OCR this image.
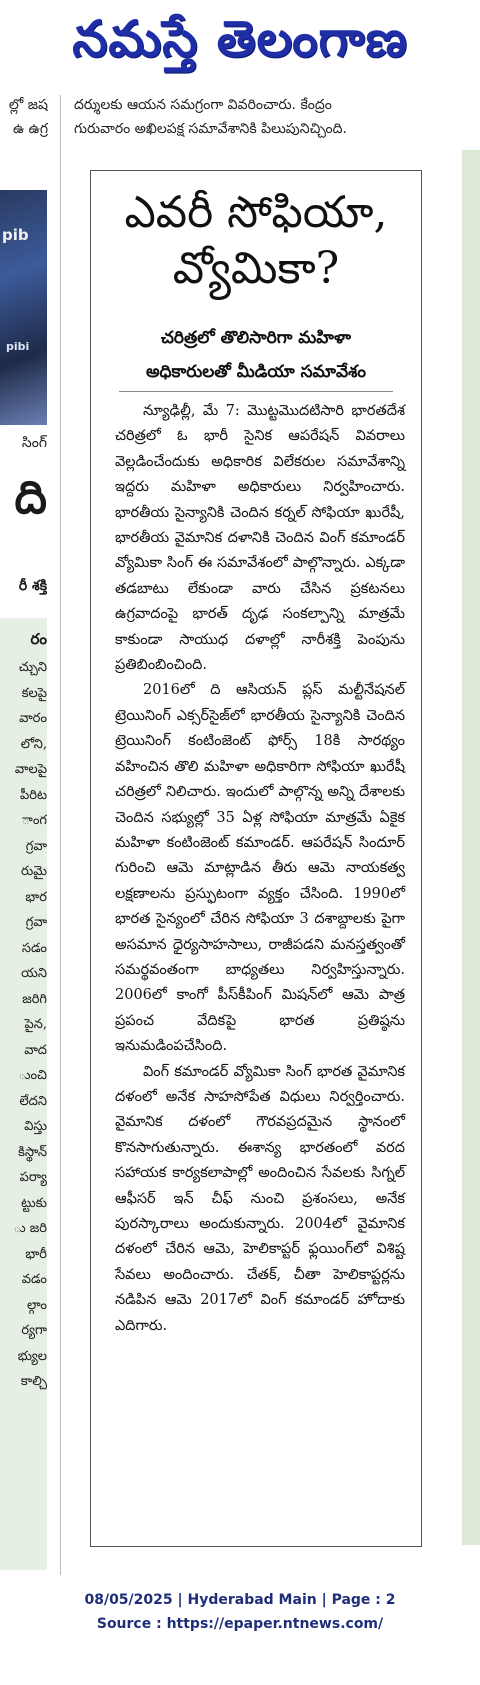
నమస్తే తెలంగాణ
ల్లో జష
ఉ ఉగ్ర
దర్శులకు ఆయన సమగ్రంగా వివరించారు. కేంద్రం
గురువారం అఖిలపక్ష సమావేశానికి పిలుపునిచ్చింది.
pib
pibi
సింగ్
ది
రీ శక్తి
రం
చ్చుని
కలపై
వారం
లోని,
వాలపై
పీరిట
ాంగ
గ్రవా
రుమై
భార
గ్రవా
సడం
యని
జరిగి
పైన,
వాద
ుంచి
లేదని
విస్తు
కిస్థాన్
పర్యా
ట్టుకు
ు జరి
భారీ
వడం
ల్గాం
ర్యగా
భ్యుల
కాల్చి
ఎవరీ సోఫియా,
వ్యోమికా?
చరిత్రలో తొలిసారిగా మహిళా
అధికారులతో మీడియా సమావేశం

న్యూఢిల్లీ, మే 7: మొట్టమొదటిసారి భారతదేశ చరిత్రలో ఓ భారీ సైనిక ఆపరేషన్ వివరాలు వెల్లడించేందుకు అధికారిక విలేకరుల సమావేశాన్ని ఇద్దరు మహిళా అధికారులు నిర్వహించారు. భారతీయ సైన్యానికి చెందిన కర్నల్ సోఫియా ఖురేషీ, భారతీయ వైమానిక దళానికి చెందిన వింగ్ కమాండర్ వ్యోమికా సింగ్ ఈ సమావేశంలో పాల్గొన్నారు. ఎక్కడా తడబాటు లేకుండా వారు చేసిన ప్రకటనలు ఉగ్రవాదంపై భారత్ దృఢ సంకల్పాన్ని మాత్రమే కాకుండా సాయుధ దళాల్లో నారీశక్తి పెంపును ప్రతిబింబించింది.

2016లో ది ఆసియన్ ప్లస్ మల్టీనేషనల్ ట్రెయినింగ్ ఎక్సర్‌సైజ్‌లో భారతీయ సైన్యానికి చెందిన ట్రెయినింగ్ కంటింజెంట్ ఫోర్స్ 18కి సారథ్యం వహించిన తొలి మహిళా అధికారిగా సోఫియా ఖురేషీ చరిత్రలో నిలిచారు. ఇందులో పాల్గొన్న అన్ని దేశాలకు చెందిన సభ్యుల్లో 35 ఏళ్ల సోఫియా మాత్రమే ఏకైక మహిళా కంటింజెంట్ కమాండర్. ఆపరేషన్ సిందూర్ గురించి ఆమె మాట్లాడిన తీరు ఆమె నాయకత్వ లక్షణాలను ప్రస్ఫుటంగా వ్యక్తం చేసింది. 1990లో భారత సైన్యంలో చేరిన సోఫియా 3 దశాబ్దాలకు పైగా అసమాన ధైర్యసాహసాలు, రాజీపడని మనస్తత్వంతో సమర్థవంతంగా బాధ్యతలు నిర్వహిస్తున్నారు. 2006లో కాంగో పీస్‌కీపింగ్ మిషన్‌లో ఆమె పాత్ర ప్రపంచ వేదికపై భారత ప్రతిష్ఠను ఇనుమడింపచేసింది.

వింగ్ కమాండర్ వ్యోమికా సింగ్ భారత వైమానిక దళంలో అనేక సాహసోపేత విధులు నిర్వర్తించారు. వైమానిక దళంలో గౌరవప్రదమైన స్థానంలో కొనసాగుతున్నారు. ఈశాన్య భారతంలో వరద సహాయక కార్యకలాపాల్లో అందించిన సేవలకు సిగ్నల్ ఆఫీసర్ ఇన్ చీఫ్ నుంచి ప్రశంసలు, అనేక పురస్కారాలు అందుకున్నారు. 2004లో వైమానిక దళంలో చేరిన ఆమె, హెలికాప్టర్ ఫ్లయింగ్‌లో విశిష్ట సేవలు అందించారు. చేతక్, చీతా హెలికాప్టర్లను నడిపిన ఆమె 2017లో వింగ్ కమాండర్ హోదాకు ఎదిగారు.

08/05/2025 | Hyderabad Main | Page : 2
Source : https://epaper.ntnews.com/
